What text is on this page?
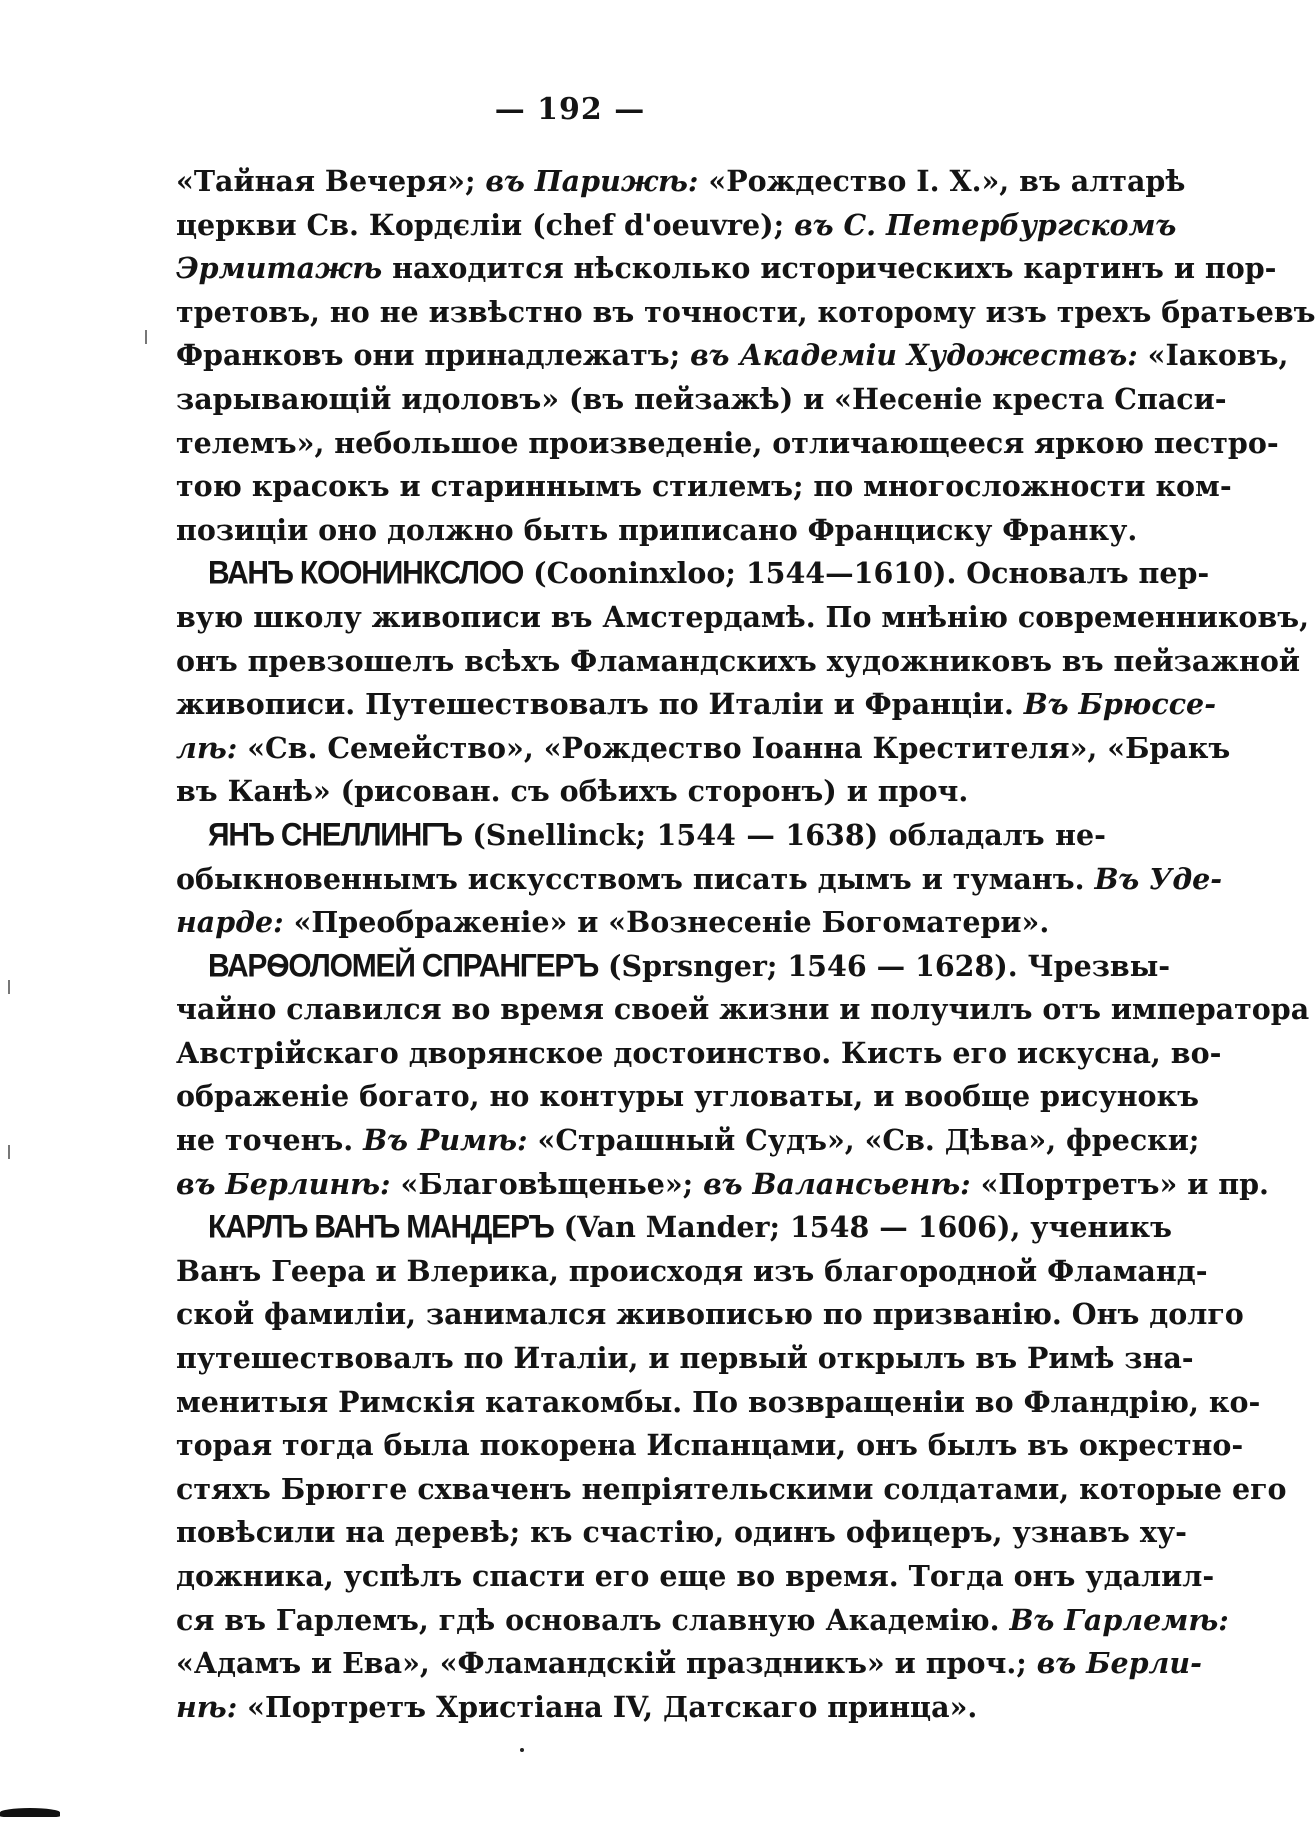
— 192 —
«Тайная Вечеря»; въ Парижѣ: «Рождество І. Х.», въ алтарѣ
церкви Св. Кордєліи (chef d'oeuvre); въ С. Петербургскомъ
Эрмитажѣ находится нѣсколько историческихъ картинъ и пор-
третовъ, но не извѣстно въ точности, которому изъ трехъ братьевъ
Франковъ они принадлежатъ; въ Академіи Художествъ: «Іаковъ,
зарывающій идоловъ» (въ пейзажѣ) и «Несеніе креста Спаси-
телемъ», небольшое произведеніе, отличающееся яркою пестро-
тою красокъ и стариннымъ стилемъ; по многосложности ком-
позиціи оно должно быть приписано Франциску Франку.
ВАНЪ КООНИНКСЛОО (Cooninxloo; 1544—1610). Основалъ пер-
вую школу живописи въ Амстердамѣ. По мнѣнію современниковъ,
онъ превзошелъ всѣхъ Фламандскихъ художниковъ въ пейзажной
живописи. Путешествовалъ по Италіи и Франціи. Въ Брюссе-
лѣ: «Св. Семейство», «Рождество Іоанна Крестителя», «Бракъ
въ Канѣ» (рисован. съ обѣихъ сторонъ) и проч.
ЯНЪ СНЕЛЛИНГЪ (Snellinck; 1544 — 1638) обладалъ не-
обыкновеннымъ искусствомъ писать дымъ и туманъ. Въ Уде-
нарде: «Преображеніе» и «Вознесеніе Богоматери».
ВАРѲОЛОМЕЙ СПРАНГЕРЪ (Sprsnger; 1546 — 1628). Чрезвы-
чайно славился во время своей жизни и получилъ отъ императора
Австрійскаго дворянское достоинство. Кисть его искусна, во-
ображеніе богато, но контуры угловаты, и вообще рисунокъ
не точенъ. Въ Римѣ: «Страшный Судъ», «Св. Дѣва», фрески;
въ Берлинѣ: «Благовѣщенье»; въ Валансьенѣ: «Портретъ» и пр.
КАРЛЪ ВАНЪ МАНДЕРЪ (Van Mander; 1548 — 1606), ученикъ
Ванъ Геера и Влерика, происходя изъ благородной Фламанд-
ской фамиліи, занимался живописью по призванію. Онъ долго
путешествовалъ по Италіи, и первый открылъ въ Римѣ зна-
менитыя Римскія катакомбы. По возвращеніи во Фландрію, ко-
торая тогда была покорена Испанцами, онъ былъ въ окрестно-
стяхъ Брюгге схваченъ непріятельскими солдатами, которые его
повѣсили на деревѣ; къ счастію, одинъ офицеръ, узнавъ ху-
дожника, успѣлъ спасти его еще во время. Тогда онъ удалил-
ся въ Гарлемъ, гдѣ основалъ славную Академію. Въ Гарлемѣ:
«Адамъ и Ева», «Фламандскій праздникъ» и проч.; въ Берли-
нѣ: «Портретъ Христіана IV, Датскаго принца».
